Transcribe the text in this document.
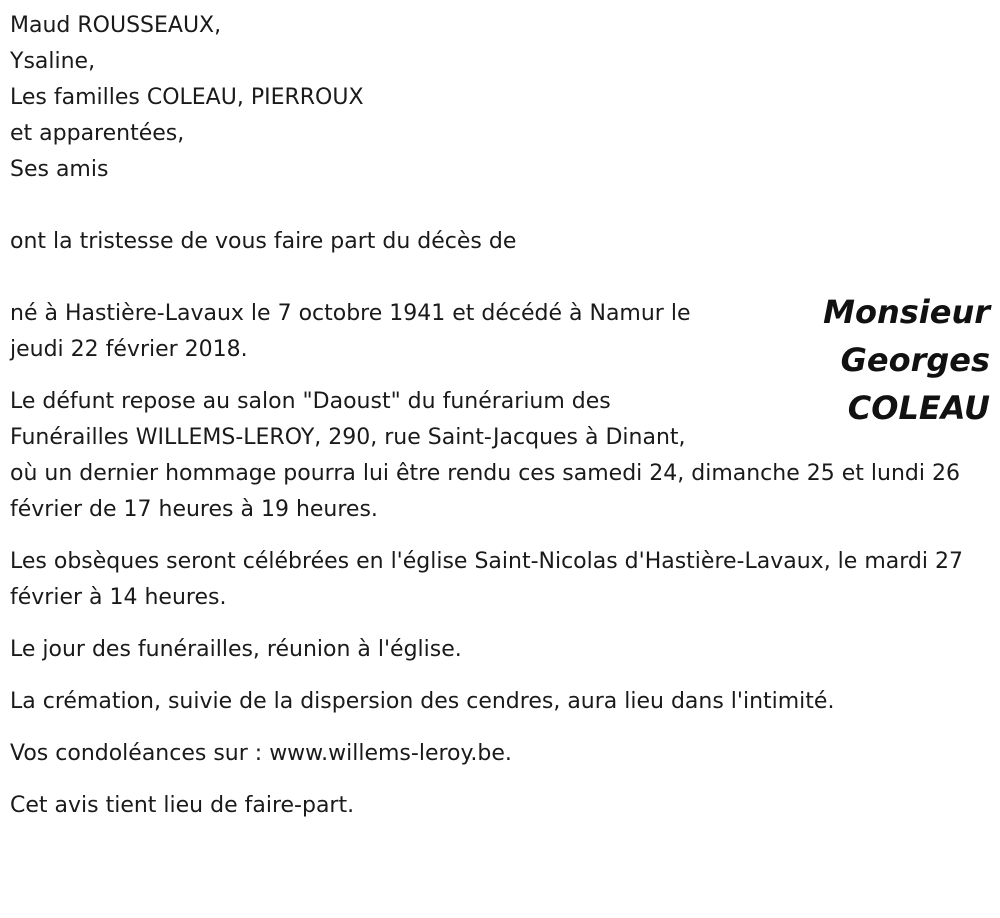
Maud ROUSSEAUX,
Ysaline,
Les familles COLEAU, PIERROUX
et apparentées,
Ses amis
ont la tristesse de vous faire part du décès de
Monsieur
Georges
COLEAU

né à Hastière-Lavaux le 7 octobre 1941 et décédé à Namur le jeudi 22 février 2018.

Le défunt repose au salon "Daoust" du funérarium des Funérailles WILLEMS-LEROY, 290, rue Saint-Jacques à Dinant, où un dernier hommage pourra lui être rendu ces samedi 24, dimanche 25 et lundi 26 février de 17 heures à 19 heures.

Les obsèques seront célébrées en l'église Saint-Nicolas d'Hastière-Lavaux, le mardi 27 février à 14 heures.

Le jour des funérailles, réunion à l'église.

La crémation, suivie de la dispersion des cendres, aura lieu dans l'intimité.

Vos condoléances sur : www.willems-leroy.be.

Cet avis tient lieu de faire-part.
